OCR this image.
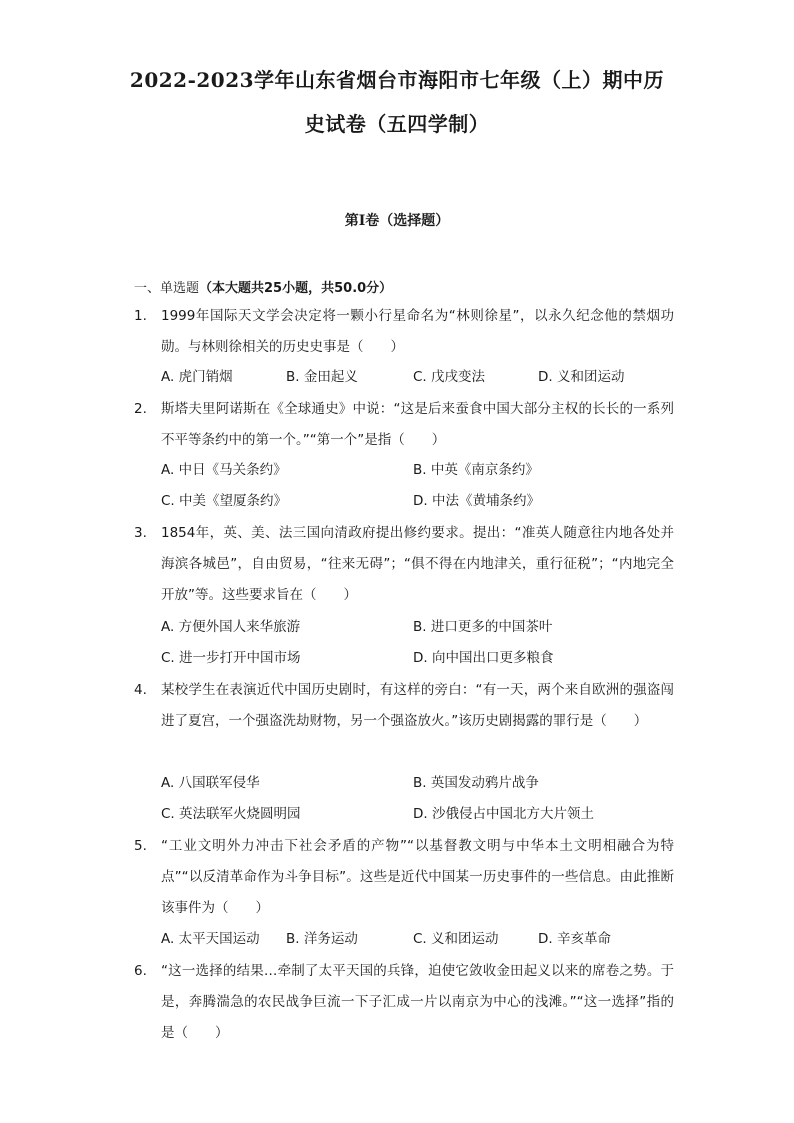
2022-2023学年山东省烟台市海阳市七年级（上）期中历史试卷（五四学制）
第I卷（选择题）
一、单选题（本大题共25小题，共50.0分）
1.	1999年国际天文学会决定将一颗小行星命名为“林则徐星”，以永久纪念他的禁烟功勋。与林则徐相关的历史史事是（　　）
A. 虎门销烟	B. 金田起义	C. 戊戌变法	D. 义和团运动
2.	斯塔夫里阿诺斯在《全球通史》中说：“这是后来蚕食中国大部分主权的长长的一系列不平等条约中的第一个。”“第一个”是指（　　）
A. 中日《马关条约》	B. 中英《南京条约》
C. 中美《望厦条约》	D. 中法《黄埔条约》
3.	1854年，英、美、法三国向清政府提出修约要求。提出：“准英人随意往内地各处并海滨各城邑”，自由贸易，“往来无碍”；“俱不得在内地津关，重行征税”；“内地完全开放”等。这些要求旨在（　　）
A. 方便外国人来华旅游	B. 进口更多的中国茶叶
C. 进一步打开中国市场	D. 向中国出口更多粮食
4.	某校学生在表演近代中国历史剧时，有这样的旁白：“有一天，两个来自欧洲的强盗闯进了夏宫，一个强盗洗劫财物，另一个强盗放火。”该历史剧揭露的罪行是（　　）
A. 八国联军侵华	B. 英国发动鸦片战争
C. 英法联军火烧圆明园	D. 沙俄侵占中国北方大片领土
5.	“工业文明外力冲击下社会矛盾的产物”“以基督教文明与中华本土文明相融合为特点”“以反清革命作为斗争目标”。这些是近代中国某一历史事件的一些信息。由此推断该事件为（　　）
A. 太平天国运动 B. 洋务运动	C. 义和团运动	D. 辛亥革命
6.	“这一选择的结果…牵制了太平天国的兵锋，迫使它敛收金田起义以来的席卷之势。于是，奔腾湍急的农民战争巨流一下子汇成一片以南京为中心的浅滩。”“这一选择”指的是（　　）
